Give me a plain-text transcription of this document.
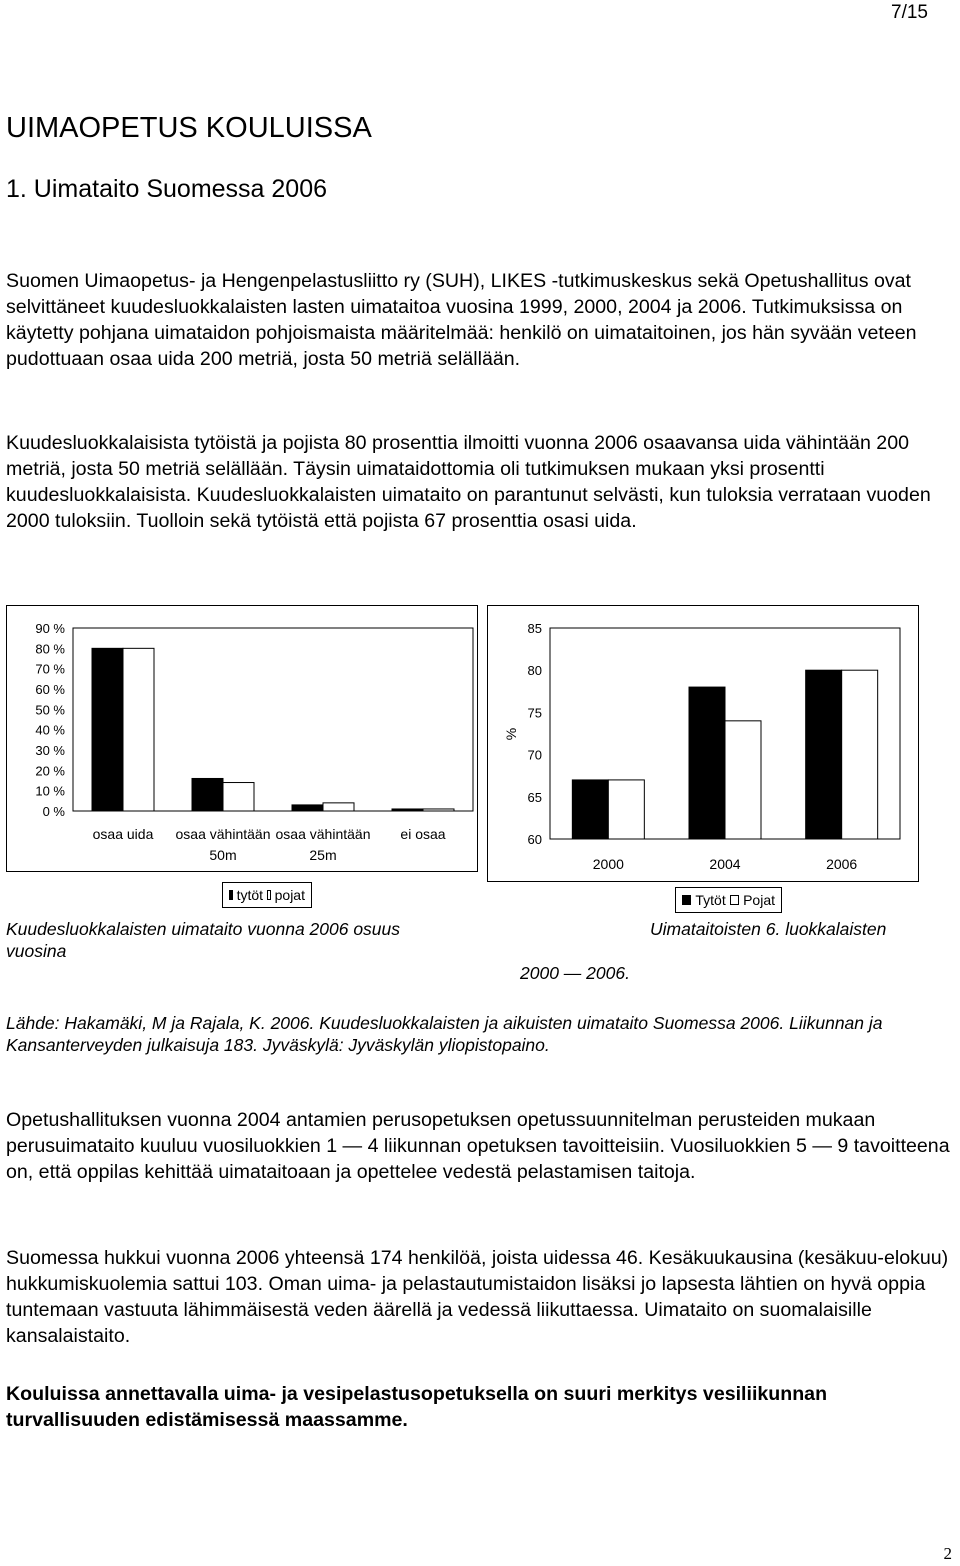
7/15
UIMAOPETUS KOULUISSA
1. Uimataito Suomessa 2006

Suomen Uimaopetus- ja Hengenpelastusliitto ry (SUH), LIKES -tutkimuskeskus sekä Opetushallitus ovat selvittäneet kuudesluokkalaisten lasten uimataitoa vuosina 1999, 2000, 2004 ja 2006. Tutkimuksissa on käytetty pohjana uimataidon pohjoismaista määritelmää: henkilö on uimataitoinen, jos hän syvään veteen pudottuaan osaa uida 200 metriä, josta 50 metriä selällään.

Kuudesluokkalaisista tytöistä ja pojista 80 prosenttia ilmoitti vuonna 2006 osaavansa uida vähintään 200 metriä, josta 50 metriä selällään. Täysin uimataidottomia oli tutkimuksen mukaan yksi prosentti kuudesluokkalaisista. Kuudesluokkalaisten uimataito on parantunut selvästi, kun tuloksia verrataan vuoden 2000 tuloksiin. Tuolloin sekä tytöistä että pojista 67 prosenttia osasi uida.

90 %
80 %
70 %
60 %
50 %
40 %
30 %
20 %
10 %
0 %
osaa uida osaa vähintään
50m
osaa vähintään
25m
ei osaa
tytöt pojat
85
80
75
70
65
60
2000	2004	2006
%
Tytöt Pojat

Kuudesluokkalaisten uimataito vuonna 2006 osuus vuosina

Uimataitoisten 6. luokkalaisten

2000 — 2006.

Lähde: Hakamäki, M ja Rajala, K. 2006. Kuudesluokkalaisten ja aikuisten uimataito Suomessa 2006. Liikunnan ja Kansanterveyden julkaisuja 183. Jyväskylä: Jyväskylän yliopistopaino.

Opetushallituksen vuonna 2004 antamien perusopetuksen opetussuunnitelman perusteiden mukaan perusuimataito kuuluu vuosiluokkien 1 — 4 liikunnan opetuksen tavoitteisiin. Vuosiluokkien 5 — 9 tavoitteena on, että oppilas kehittää uimataitoaan ja opettelee vedestä pelastamisen taitoja.

Suomessa hukkui vuonna 2006 yhteensä 174 henkilöä, joista uidessa 46. Kesäkuukausina (kesäkuu-elokuu) hukkumiskuolemia sattui 103. Oman uima- ja pelastautumistaidon lisäksi jo lapsesta lähtien on hyvä oppia tuntemaan vastuuta lähimmäisestä veden äärellä ja vedessä liikuttaessa. Uimataito on suomalaisille kansalaistaito.

Kouluissa annettavalla uima- ja vesipelastusopetuksella on suuri merkitys vesiliikunnan turvallisuuden edistämisessä maassamme.

2
